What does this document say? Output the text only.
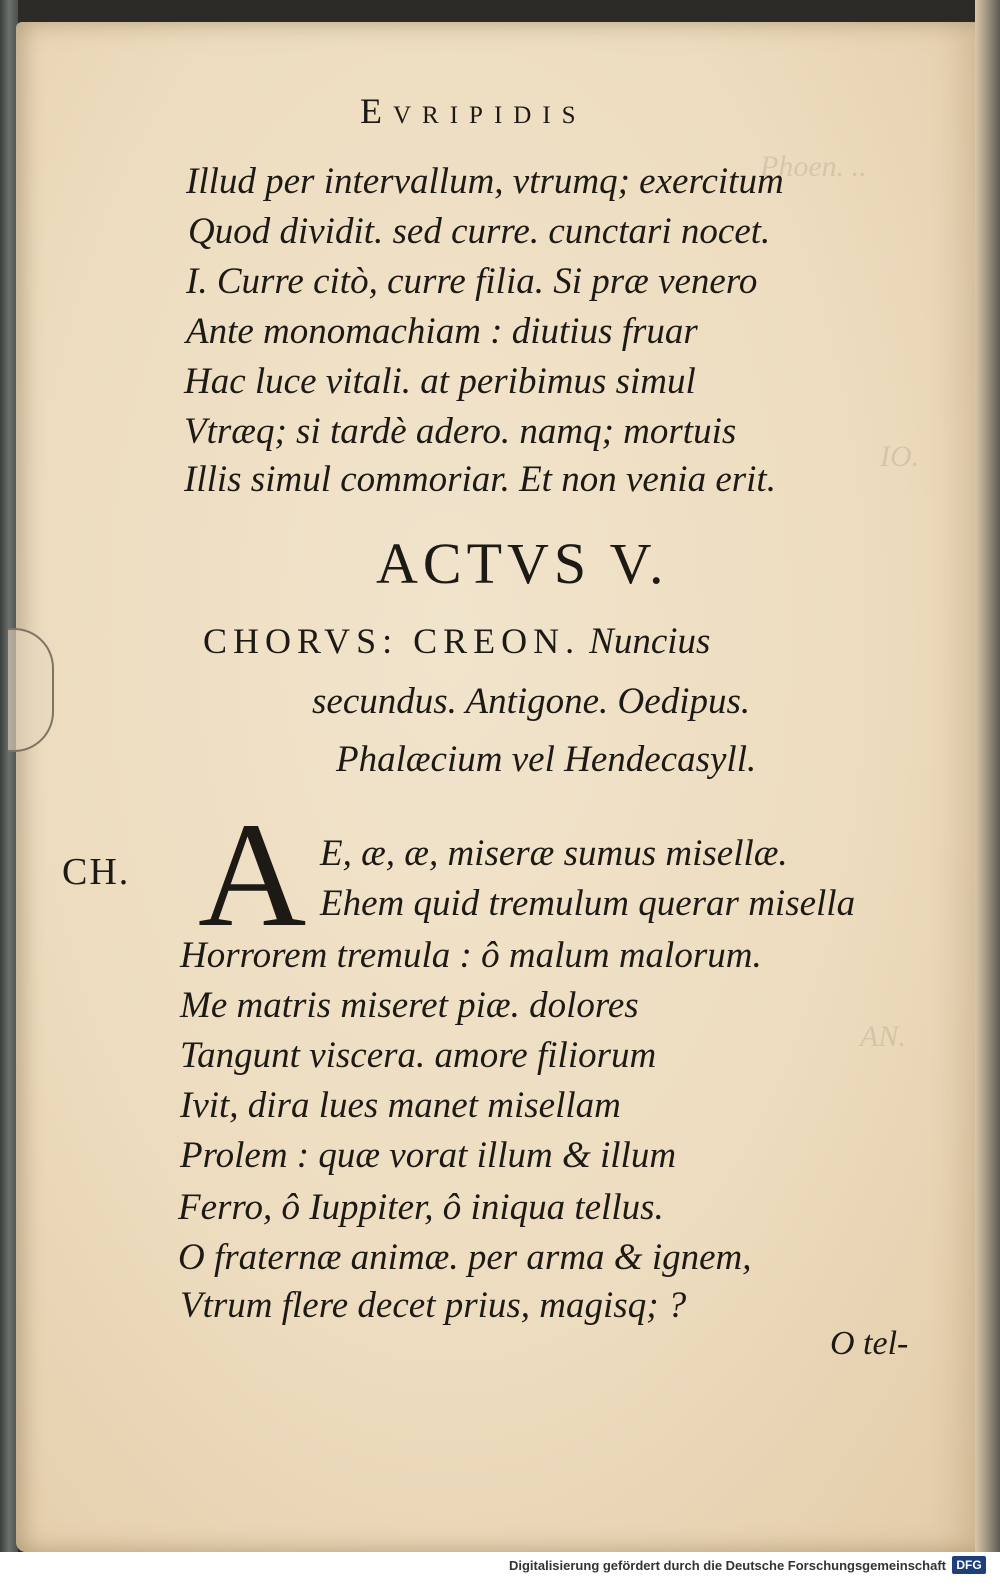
Phoen. ..
IO.
AN.
Evripidis
Illud per intervallum, vtrumq; exercitum
Quod dividit. sed curre. cunctari nocet.
I. Curre citò, curre filia. Si præ venero
Ante monomachiam : diutius fruar
Hac luce vitali. at peribimus simul
Vtræq; si tardè adero. namq; mortuis
Illis simul commoriar. Et non venia erit.
ACTVS V.
CHORVS: CREON. Nuncius
secundus. Antigone. Oedipus.
Phalæcium vel Hendecasyll.
CH. A E, æ, æ, miseræ sumus misellæ.
Ehem quid tremulum querar misella
Horrorem tremula : ô malum malorum.
Me matris miseret piæ. dolores
Tangunt viscera. amore filiorum
Ivit, dira lues manet misellam
Prolem : quæ vorat illum & illum
Ferro, ô Iuppiter, ô iniqua tellus.
O fraternæ animæ. per arma & ignem,
Vtrum flere decet prius, magisq; ?
O tel-
Digitalisierung gefördert durch die Deutsche Forschungsgemeinschaft DFG
